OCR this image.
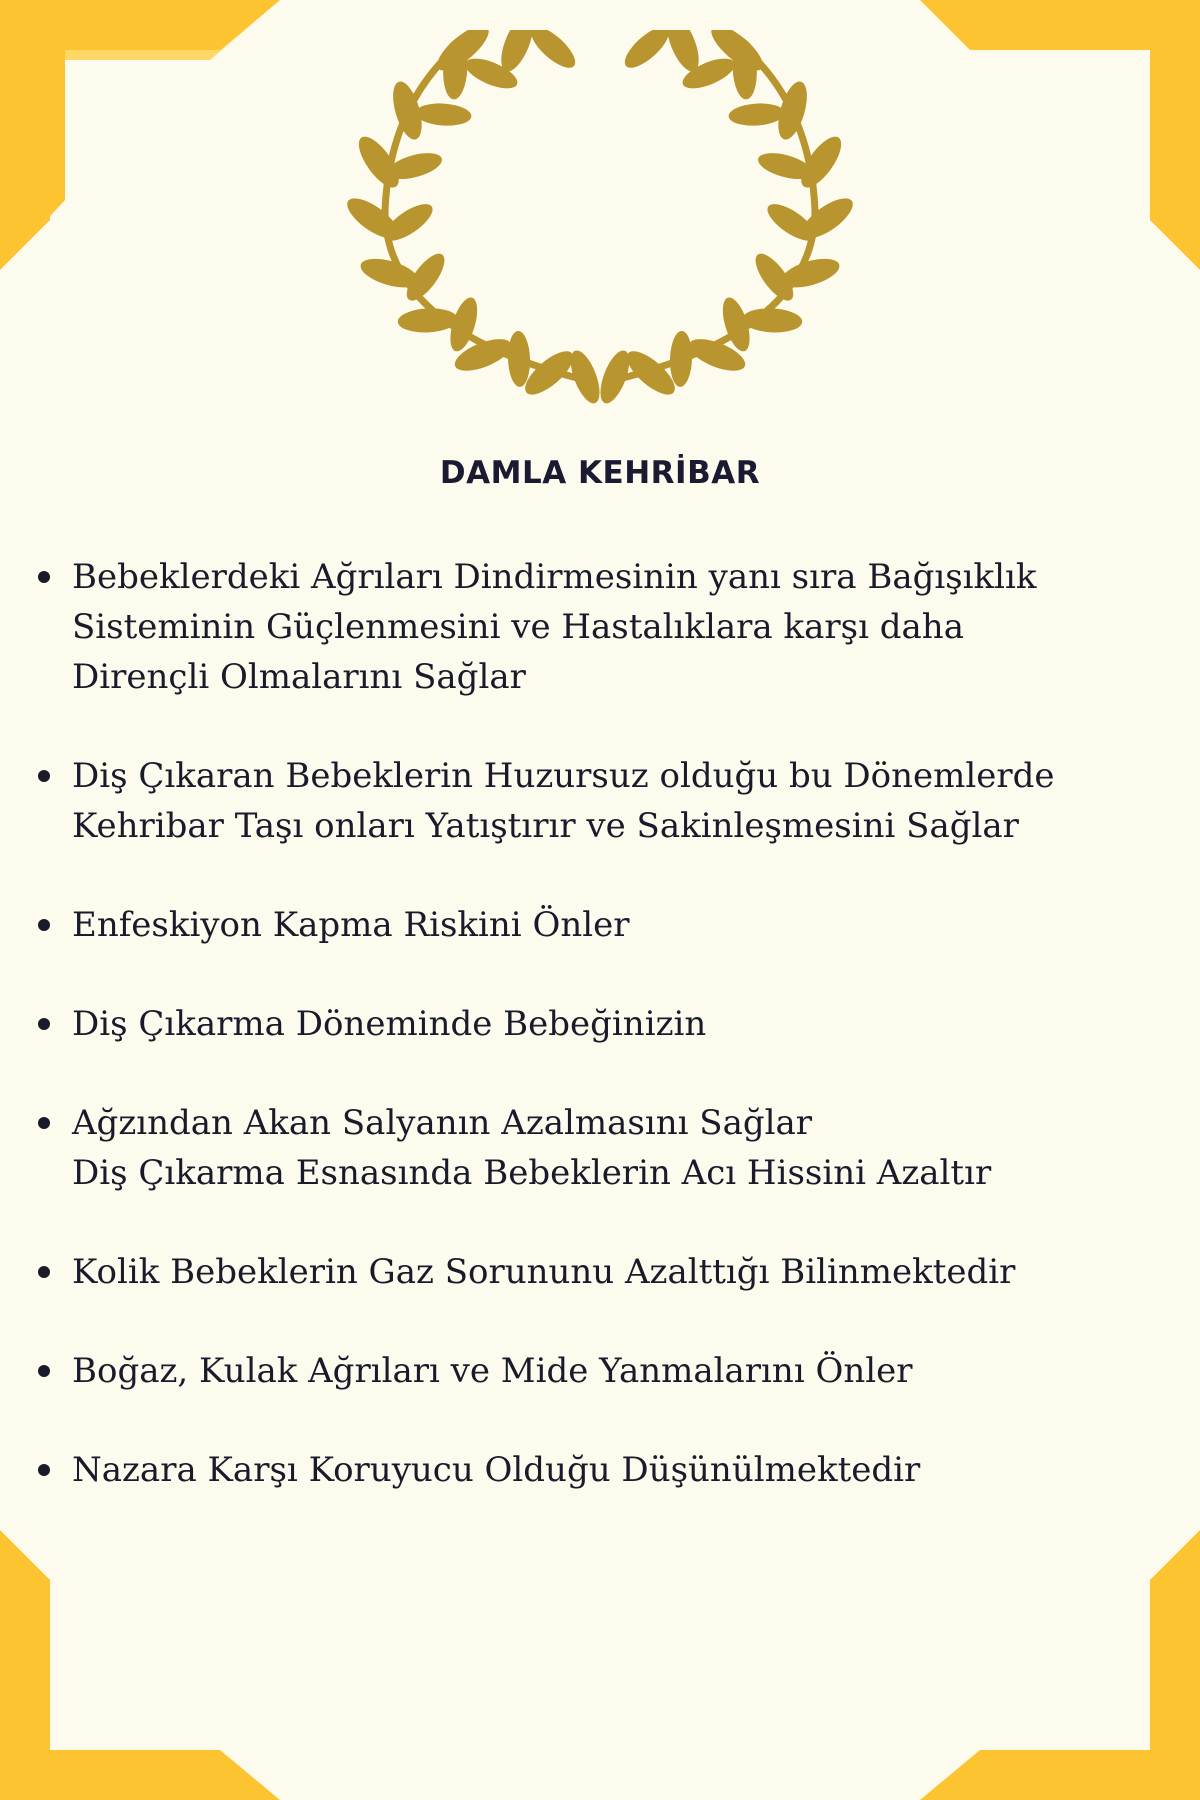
DAMLA KEHRİBAR
Bebeklerdeki Ağrıları Dindirmesinin yanı sıra Bağışıklık
Sisteminin Güçlenmesini ve Hastalıklara karşı daha
Dirençli Olmalarını Sağlar
Diş Çıkaran Bebeklerin Huzursuz olduğu bu Dönemlerde
Kehribar Taşı onları Yatıştırır ve Sakinleşmesini Sağlar
Enfeskiyon Kapma Riskini Önler
Diş Çıkarma Döneminde Bebeğinizin
Ağzından Akan Salyanın Azalmasını Sağlar
Diş Çıkarma Esnasında Bebeklerin Acı Hissini Azaltır
Kolik Bebeklerin Gaz Sorununu Azalttığı Bilinmektedir
Boğaz, Kulak Ağrıları ve Mide Yanmalarını Önler
Nazara Karşı Koruyucu Olduğu Düşünülmektedir
